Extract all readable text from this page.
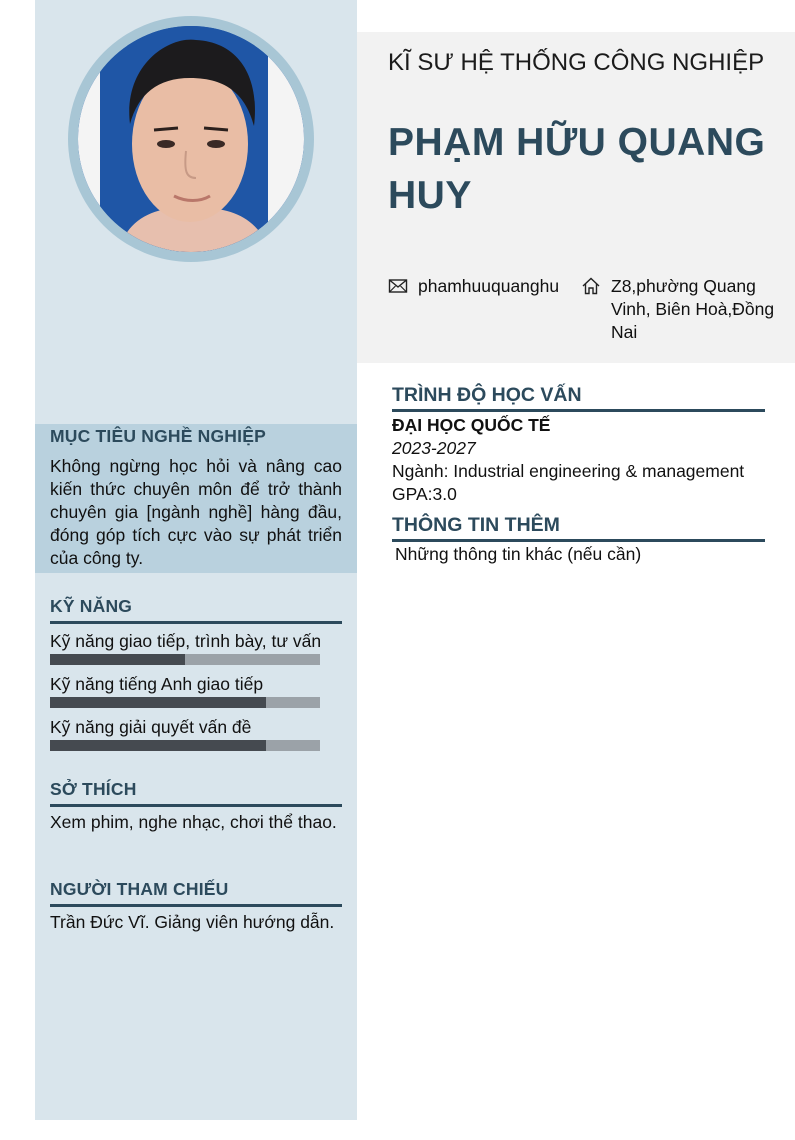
MỤC TIÊU NGHỀ NGHIỆP
Không ngừng học hỏi và nâng cao kiến thức chuyên môn để trở thành chuyên gia [ngành nghề] hàng đầu, đóng góp tích cực vào sự phát triển của công ty.
KỸ NĂNG
Kỹ năng giao tiếp, trình bày, tư vấn
Kỹ năng tiếng Anh giao tiếp
Kỹ năng giải quyết vấn đề
SỞ THÍCH
Xem phim, nghe nhạc, chơi thể thao.
NGƯỜI THAM CHIẾU
Trần Đức Vĩ. Giảng viên hướng dẫn.
KĨ SƯ HỆ THỐNG CÔNG NGHIỆP
PHẠM HỮU QUANG HUY
phamhuuquanghu	Z8,phường Quang Vinh, Biên Hoà,Đồng Nai
TRÌNH ĐỘ HỌC VẤN
ĐẠI HỌC QUỐC TẾ
2023-2027
Ngành: Industrial engineering & management
GPA:3.0
THÔNG TIN THÊM
Những thông tin khác (nếu cần)
